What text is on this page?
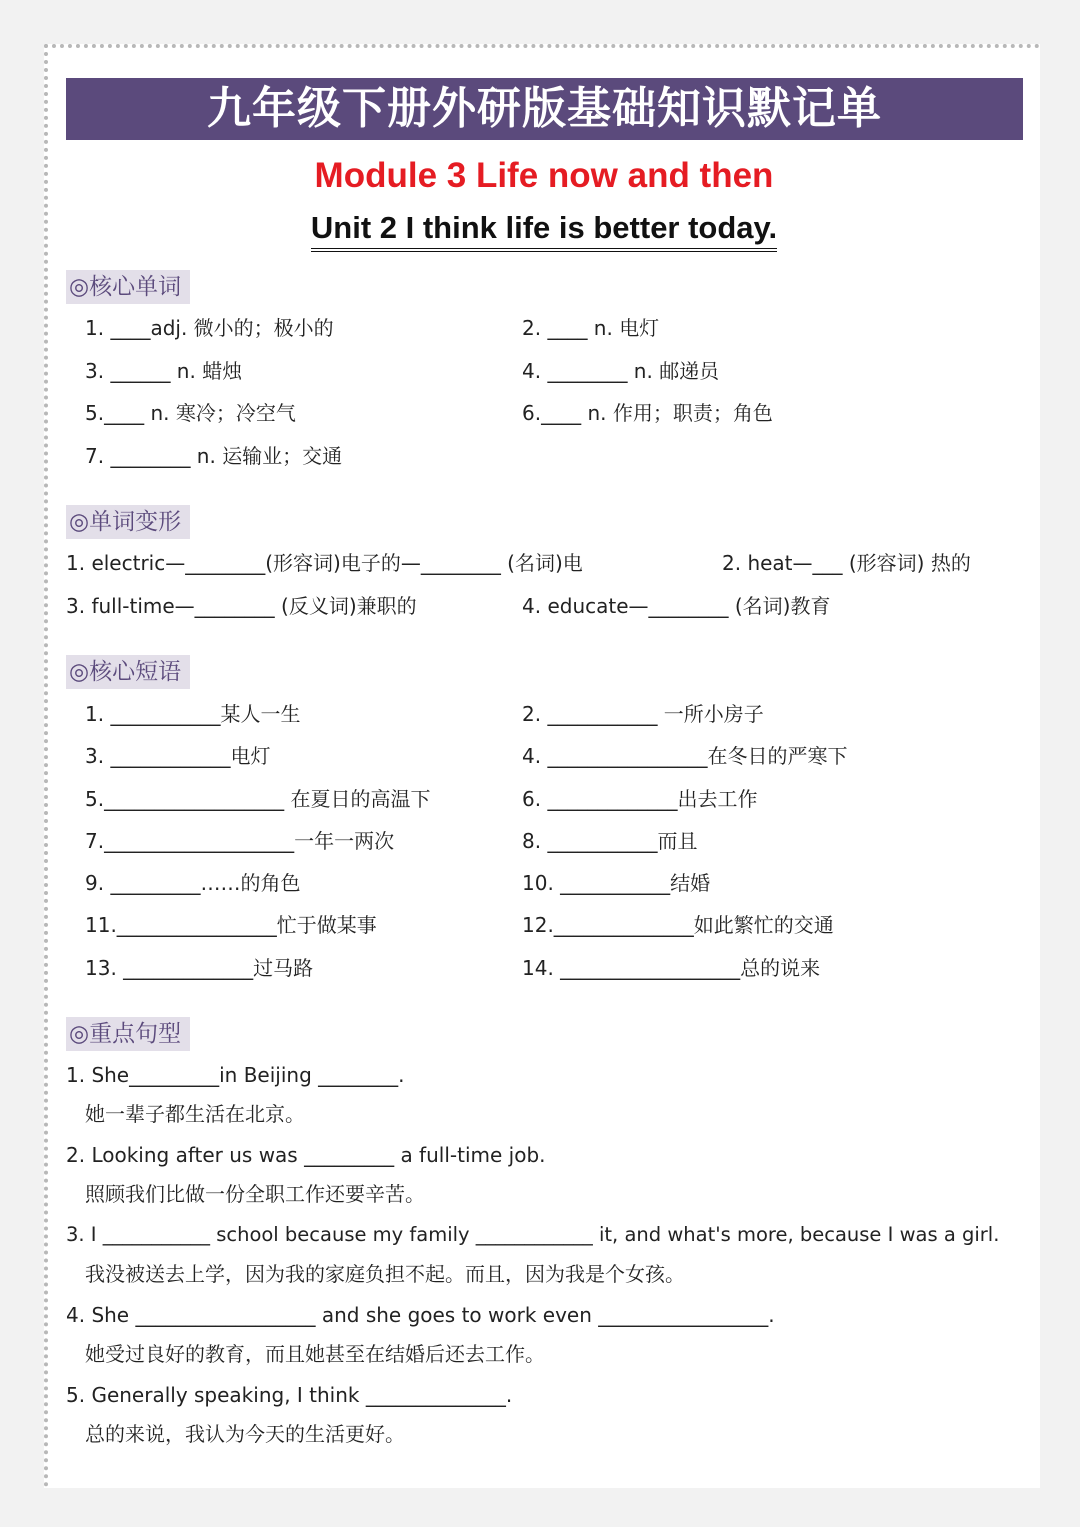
九年级下册外研版基础知识默记单
Module 3 Life now and then
Unit 2 I think life is better today.
◎核心单词
1. ____adj. 微小的；极小的	2. ____ n. 电灯
3. ______ n. 蜡烛	4. ________ n. 邮递员
5.____ n. 寒冷；冷空气	6.____ n. 作用；职责；角色
7. ________ n. 运输业；交通
◎单词变形
1. electric—________(形容词)电子的—________ (名词)电	2. heat—___ (形容词) 热的
3. full-time—________ (反义词)兼职的	4. educate—________ (名词)教育
◎核心短语
1. ___________某人一生	2. ___________ 一所小房子
3. ____________电灯	4. ________________在冬日的严寒下
5.__________________ 在夏日的高温下	6. _____________出去工作
7.___________________一年一两次	8. ___________而且
9. _________……的角色	10. ___________结婚
11.________________忙于做某事	12.______________如此繁忙的交通
13. _____________过马路	14. __________________总的说来
◎重点句型
1. She_________in Beijing ________.
她一辈子都生活在北京。
2. Looking after us was _________ a full-time job.
照顾我们比做一份全职工作还要辛苦。
3. I ___________ school because my family ____________ it, and what's more, because I was a girl.
我没被送去上学，因为我的家庭负担不起。而且，因为我是个女孩。
4. She __________________ and she goes to work even _________________.
她受过良好的教育，而且她甚至在结婚后还去工作。
5. Generally speaking, I think ______________.
总的来说，我认为今天的生活更好。
